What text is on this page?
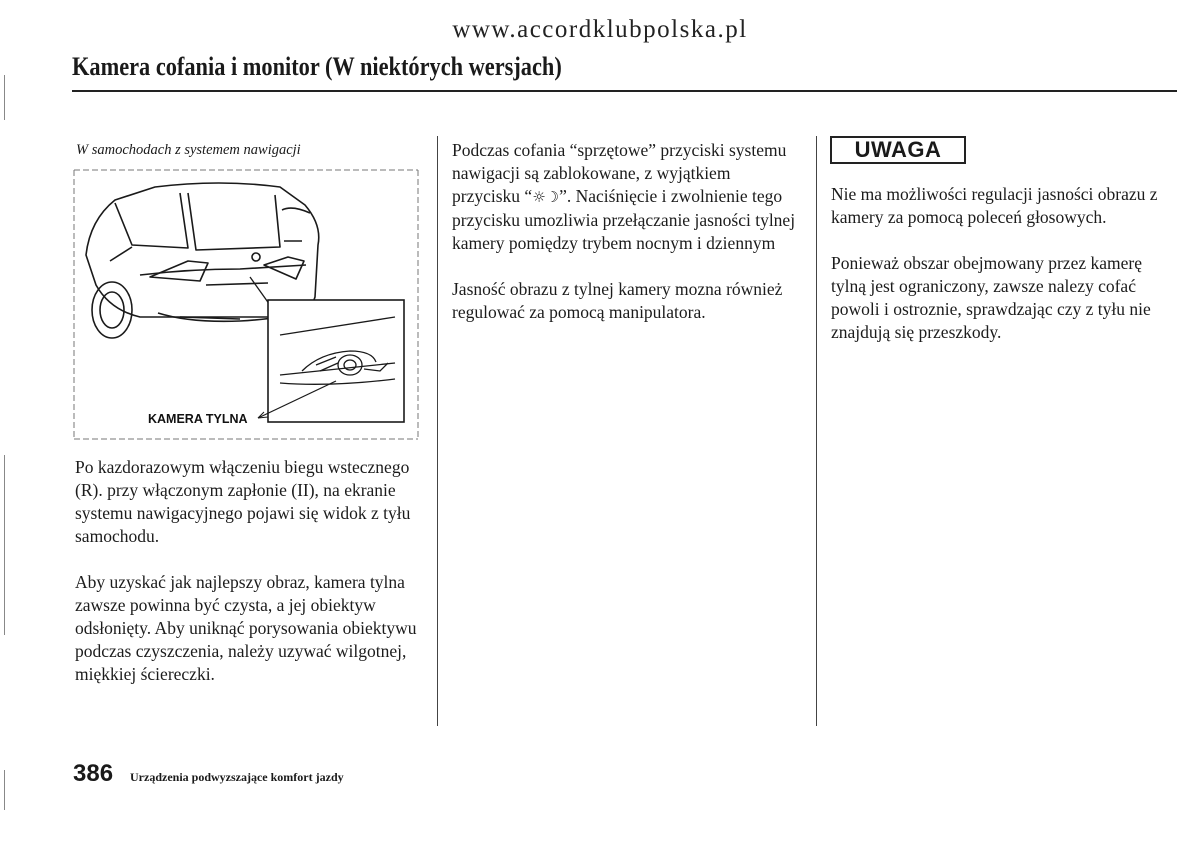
www.accordklubpolska.pl
Kamera cofania i monitor (W niektórych wersjach)
W samochodach z systemem nawigacji
KAMERA TYLNA

Po kazdorazowym włączeniu biegu wstecznego (R). przy włączonym zapłonie (II), na ekranie systemu nawigacyjnego pojawi się widok z tyłu samochodu.

Aby uzyskać jak najlepszy obraz, kamera tylna zawsze powinna być czysta, a jej obiektyw odsłonięty. Aby uniknąć porysowania obiektywu podczas czyszczenia, należy uzywać wilgotnej, miękkiej ściereczki.

Podczas cofania “sprzętowe” przyciski systemu nawigacji są zablokowane, z wyjątkiem przycisku “☼☽”. Naciśnięcie i zwolnienie tego przycisku umozliwia przełączanie jasności tylnej kamery pomiędzy trybem nocnym i dziennym

Jasność obrazu z tylnej kamery mozna również regulować za pomocą manipulatora.

UWAGA

Nie ma możliwości regulacji jasności obrazu z kamery za pomocą poleceń głosowych.

Ponieważ obszar obejmowany przez kamerę tylną jest ograniczony, zawsze nalezy cofać powoli i ostroznie, sprawdzając czy z tyłu nie znajdują się przeszkody.

386 Urządzenia podwyzszające komfort jazdy
